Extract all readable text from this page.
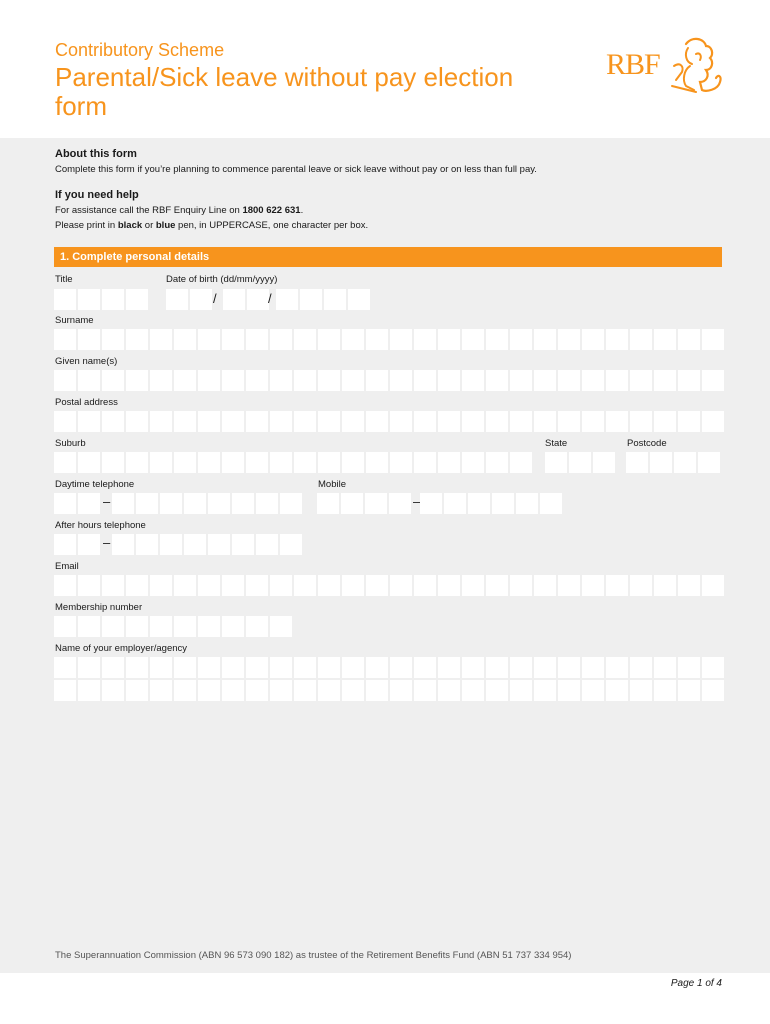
Contributory Scheme
Parental/Sick leave without pay election form
RBF
About this form
Complete this form if you’re planning to commence parental leave or sick leave without pay or on less than full pay.
If you need help
For assistance call the RBF Enquiry Line on 1800 622 631.
Please print in black or blue pen, in UPPERCASE, one character per box.
1. Complete personal details
Title	Date of birth (dd/mm/yyyy)
/	/
Surname
Given name(s)
Postal address
Suburb	State	Postcode
Daytime telephone	Mobile
–	–
After hours telephone
–
Email
Membership number
Name of your employer/agency
The Superannuation Commission (ABN 96 573 090 182) as trustee of the Retirement Benefits Fund (ABN 51 737 334 954)
Page 1 of 4
